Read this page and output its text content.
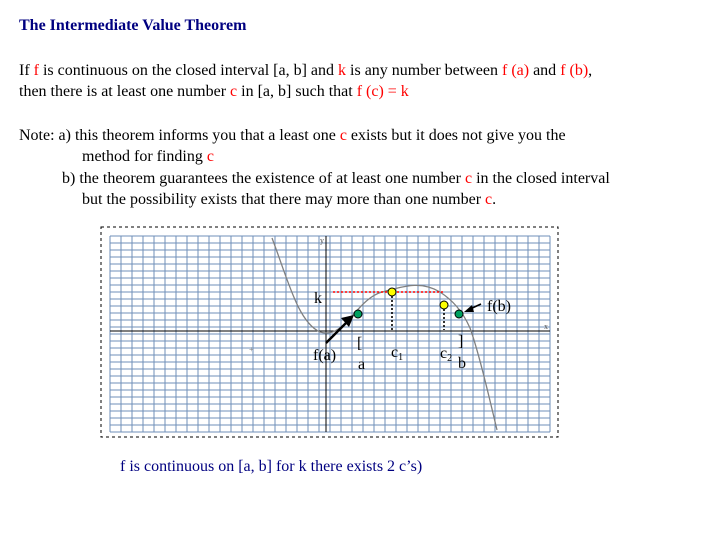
The Intermediate Value Theorem
If f is continuous on the closed interval [a, b] and k is any number between f (a) and f (b),
then there is at least one number c in [a, b] such that f (c) = k
Note: a) this theorem informs you that a least one c exists but it does not give you the
method for finding c
b) the theorem guarantees the existence of at least one number c in the closed interval
but the possibility exists that there may more than one number c.
y
x
+
k	f(b)
f(a)
[
a
c1 c2
]
b
f is continuous on [a, b] for k there exists 2 c’s)
